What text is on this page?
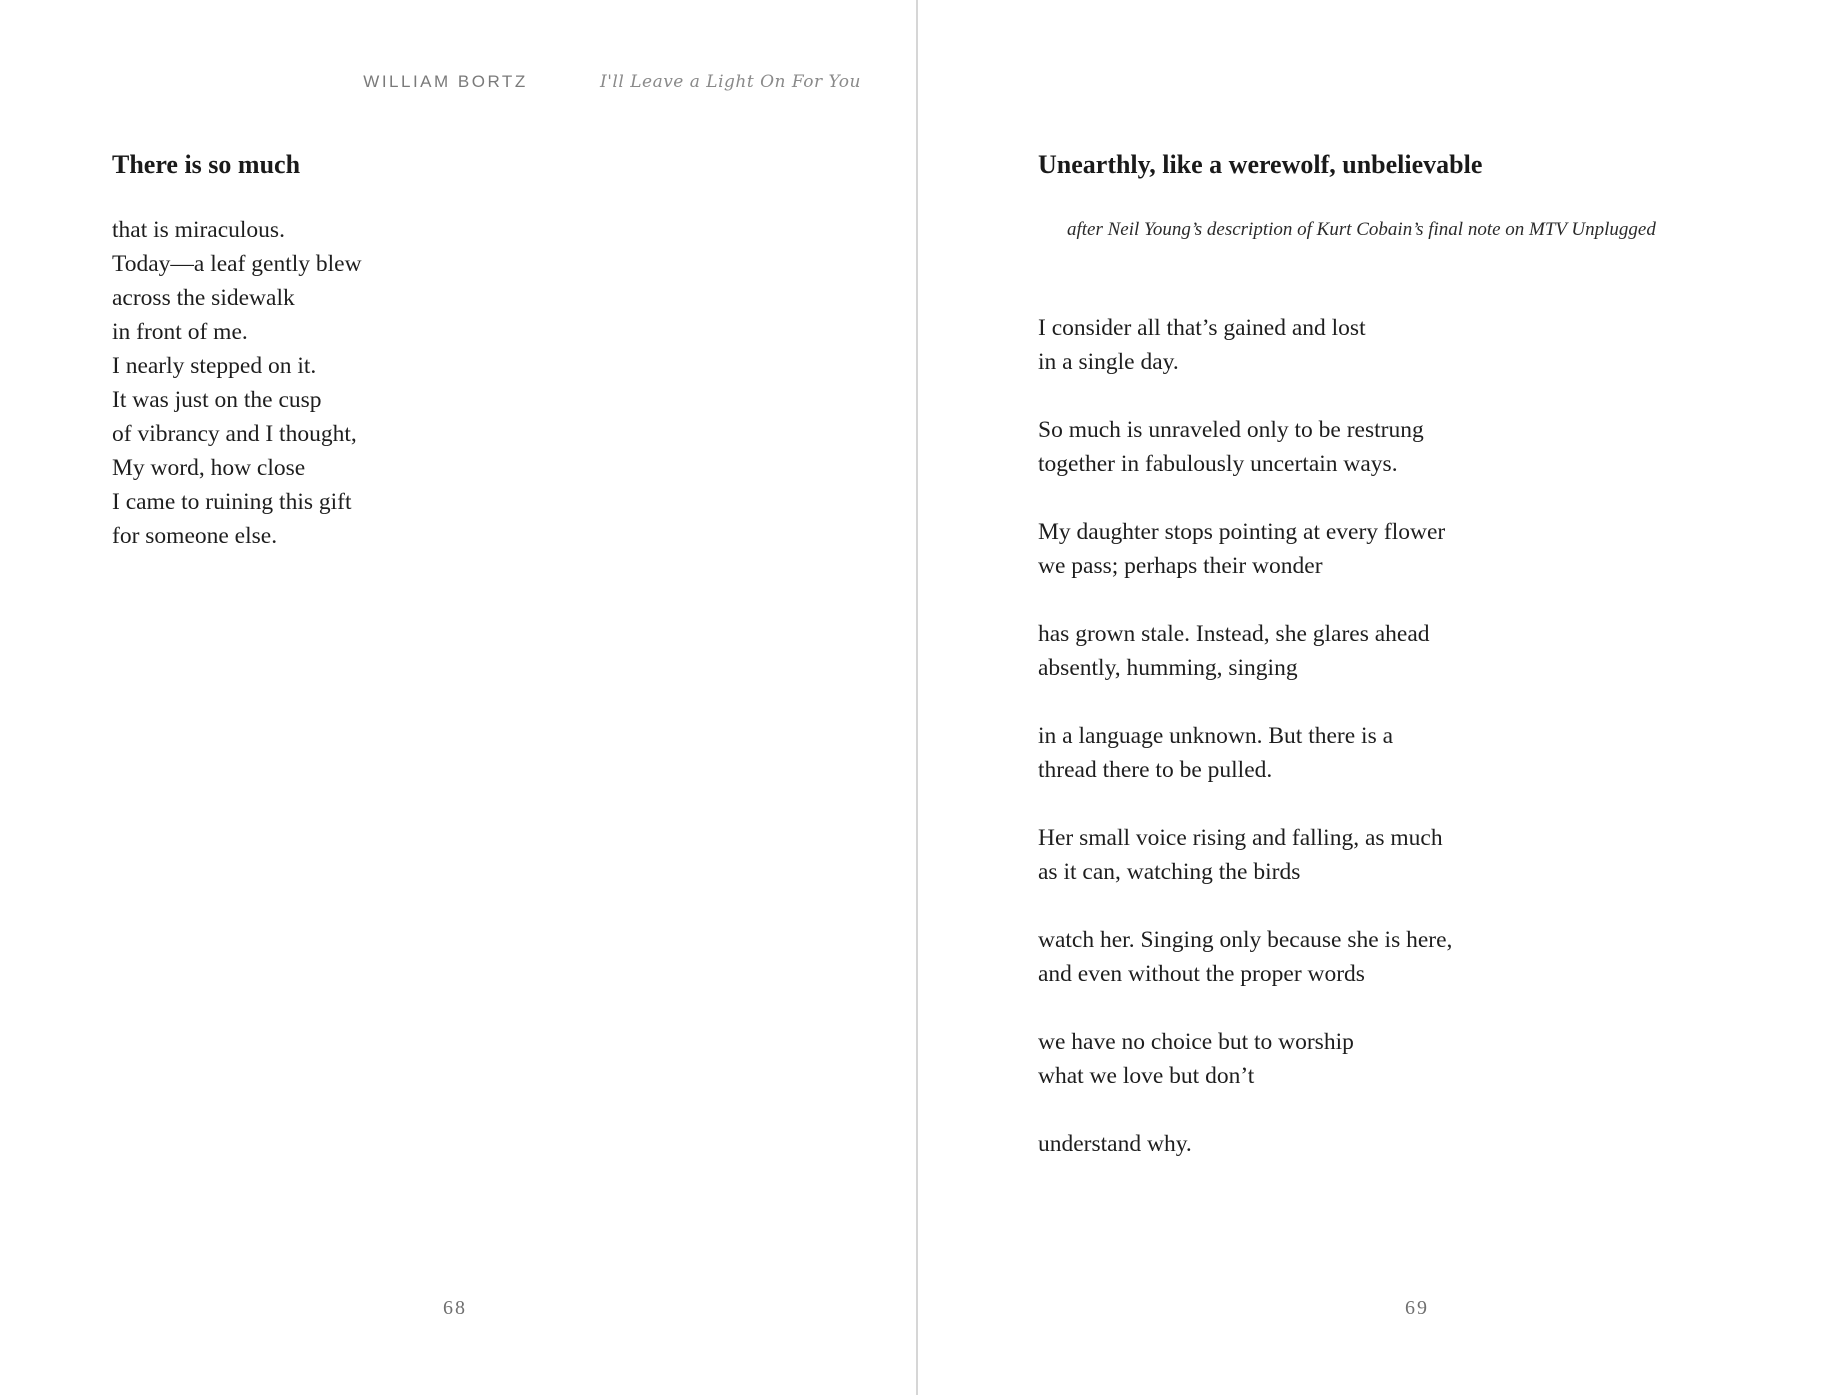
WILLIAM BORTZ
There is so much
that is miraculous.
Today—a leaf gently blew
across the sidewalk
in front of me.
I nearly stepped on it.
It was just on the cusp
of vibrancy and I thought,
My word, how close
I came to ruining this gift
for someone else.
68
I'll Leave a Light On For You
Unearthly, like a werewolf, unbelievable
after Neil Young’s description of Kurt Cobain’s final note on MTV Unplugged
I consider all that’s gained and lost
in a single day.
So much is unraveled only to be restrung
together in fabulously uncertain ways.
My daughter stops pointing at every flower
we pass; perhaps their wonder
has grown stale. Instead, she glares ahead
absently, humming, singing
in a language unknown. But there is a
thread there to be pulled.
Her small voice rising and falling, as much
as it can, watching the birds
watch her. Singing only because she is here,
and even without the proper words
we have no choice but to worship
what we love but don’t
understand why.
69
